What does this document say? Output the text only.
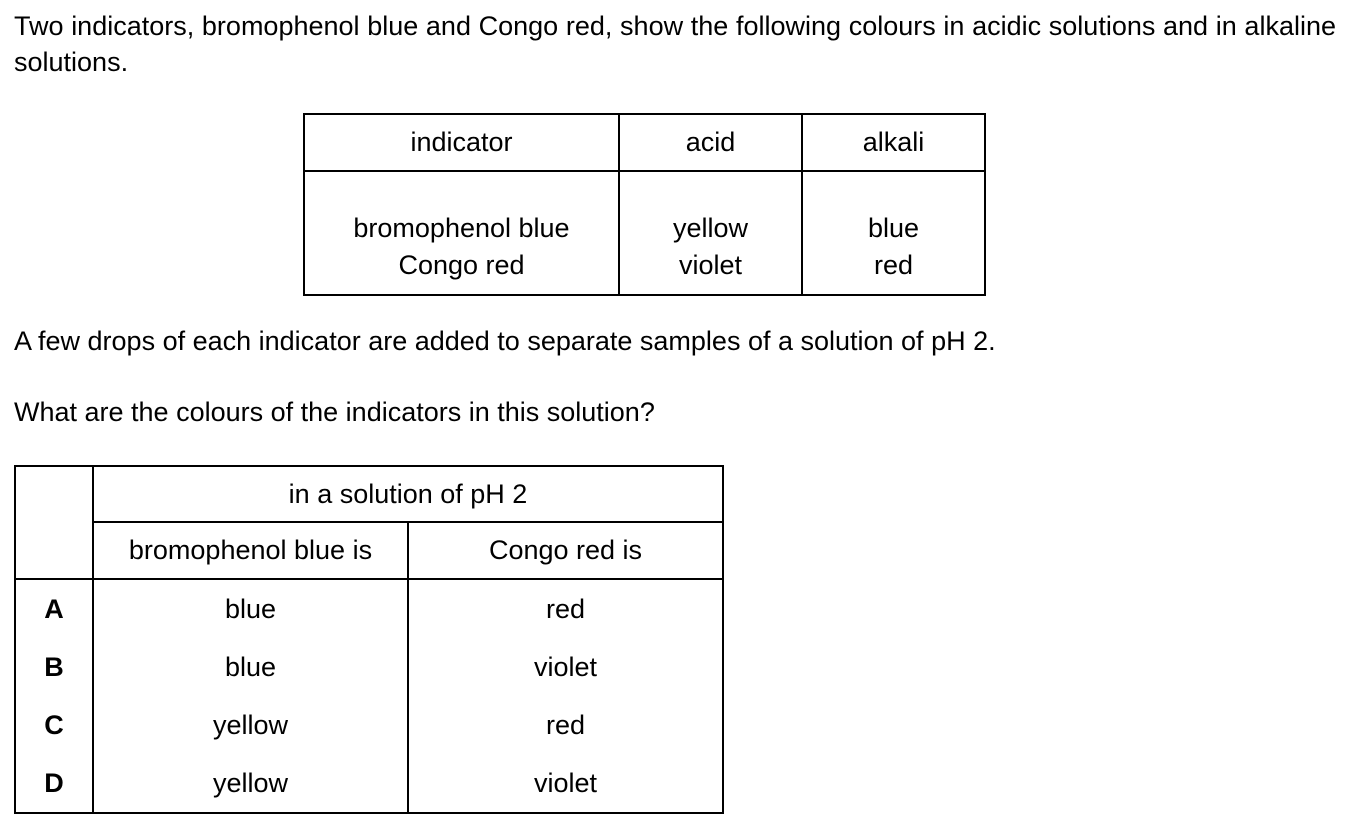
Two indicators, bromophenol blue and Congo red, show the following colours in acidic solutions and in alkaline solutions.

indicator	acid	alkali
bromophenol blue	yellow	blue
Congo red	violet	red

A few drops of each indicator are added to separate samples of a solution of pH 2.

What are the colours of the indicators in this solution?

	in a solution of pH 2	
	bromophenol blue is	Congo red is
A	blue	red
B	blue	violet
C	yellow	red
D	yellow	violet
